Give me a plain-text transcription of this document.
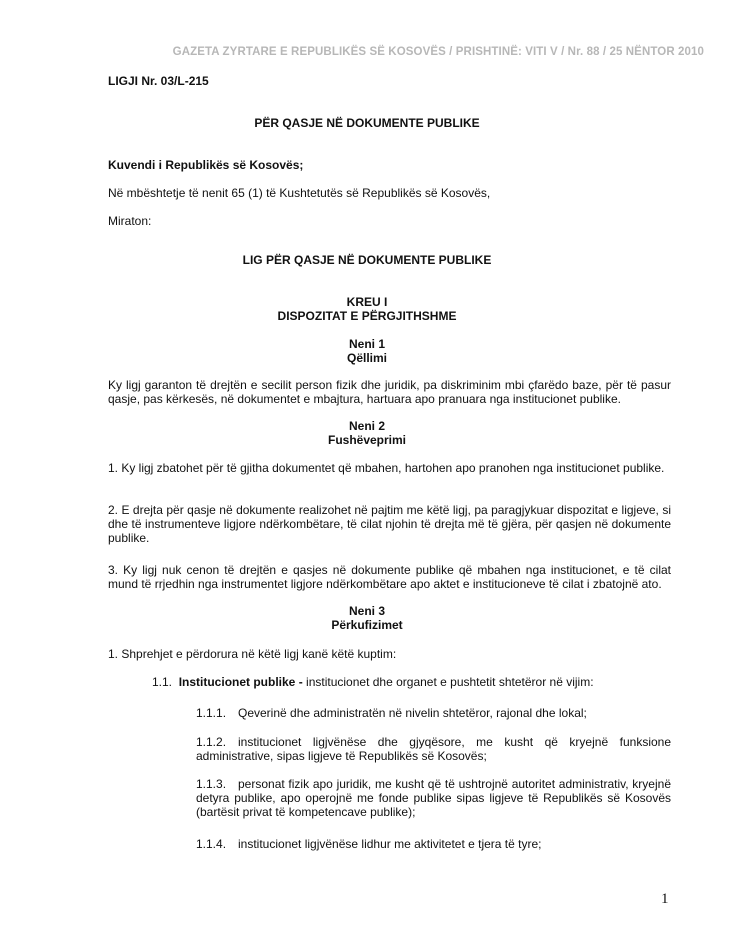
GAZETA ZYRTARE E REPUBLIKËS SË KOSOVËS / PRISHTINË: VITI V / Nr. 88 / 25 NËNTOR 2010
LIGJI Nr. 03/L-215
PËR QASJE NË DOKUMENTE PUBLIKE
Kuvendi i Republikës së Kosovës;
Në mbështetje të nenit 65 (1) të Kushtetutës së Republikës së Kosovës,
Miraton:
LIG PËR QASJE NË DOKUMENTE PUBLIKE
KREU I
DISPOZITAT E PËRGJITHSHME
Neni 1
Qëllimi

Ky ligj garanton të drejtën e secilit person fizik dhe juridik, pa diskriminim mbi çfarëdo baze, për të pasur qasje, pas kërkesës, në dokumentet e mbajtura, hartuara apo pranuara nga institucionet publike.

Neni 2
Fushëveprimi

1. Ky ligj zbatohet për të gjitha dokumentet që mbahen, hartohen apo pranohen nga institucionet publike.

2. E drejta për qasje në dokumente realizohet në pajtim me këtë ligj, pa paragjykuar dispozitat e ligjeve, si dhe të instrumenteve ligjore ndërkombëtare, të cilat njohin të drejta më të gjëra, për qasjen në dokumente publike.

3. Ky ligj nuk cenon të drejtën e qasjes në dokumente publike që mbahen nga institucionet, e të cilat mund të rrjedhin nga instrumentet ligjore ndërkombëtare apo aktet e institucioneve të cilat i zbatojnë ato.

Neni 3
Përkufizimet
1. Shprehjet e përdorura në këtë ligj kanë këtë kuptim:
1.1. Institucionet publike - institucionet dhe organet e pushtetit shtetëror në vijim:
1.1.1. Qeverinë dhe administratën në nivelin shtetëror, rajonal dhe lokal;
1.1.2. institucionet ligjvënëse dhe gjyqësore, me kusht që kryejnë funksione administrative, sipas ligjeve të Republikës së Kosovës;
1.1.3. personat fizik apo juridik, me kusht që të ushtrojnë autoritet administrativ, kryejnë detyra publike, apo operojnë me fonde publike sipas ligjeve të Republikës së Kosovës (bartësit privat të kompetencave publike);
1.1.4. institucionet ligjvënëse lidhur me aktivitetet e tjera të tyre;
1
